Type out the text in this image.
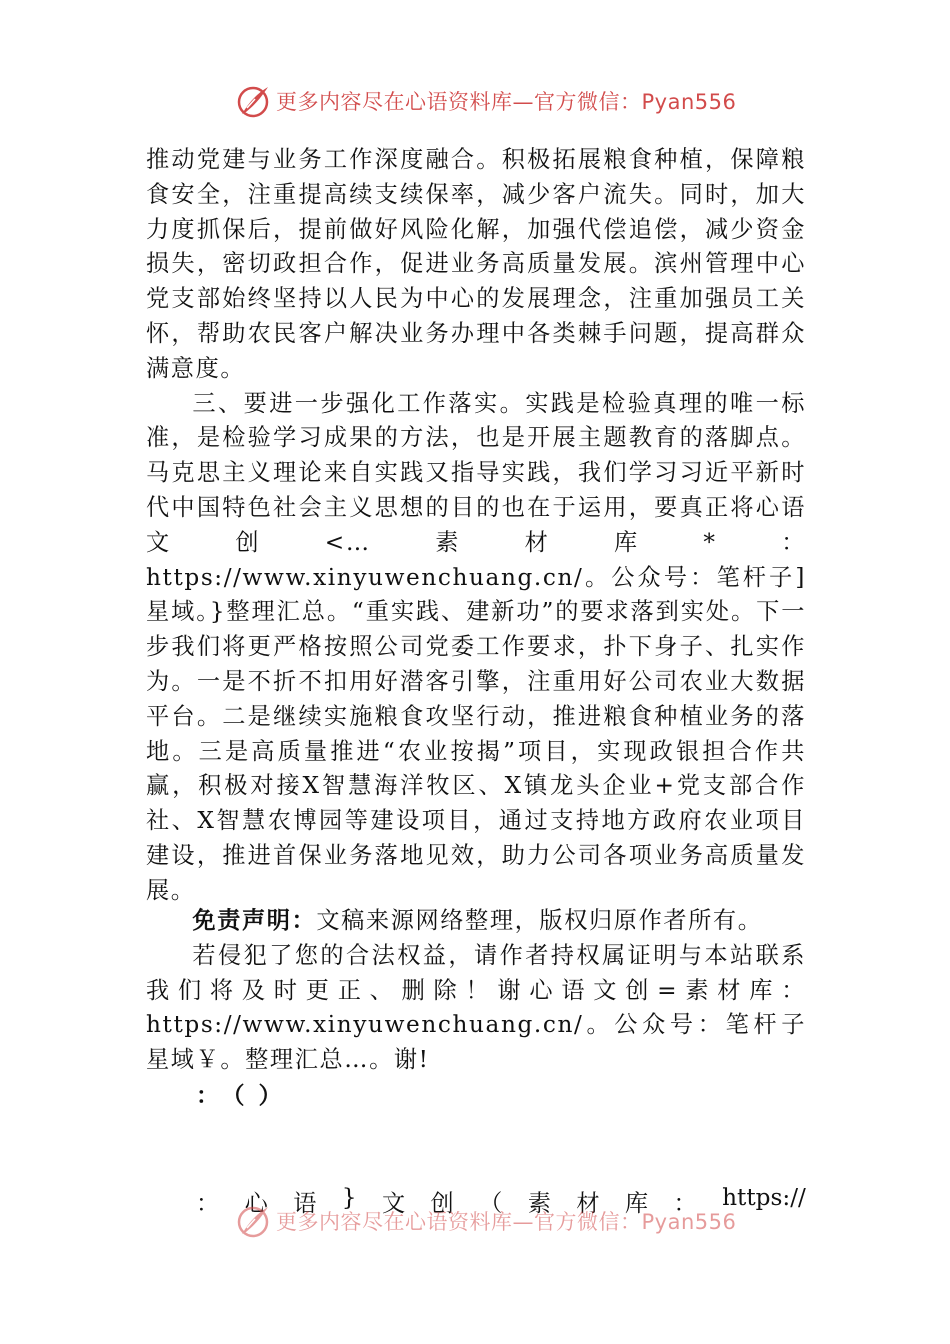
更多内容尽在心语资料库—官方微信：Pyan556

推动党建与业务工作深度融合。积极拓展粮食种植，保障粮食安全，注重提高续支续保率，减少客户流失。同时，加大力度抓保后，提前做好风险化解，加强代偿追偿，减少资金损失，密切政担合作，促进业务高质量发展。滨州管理中心党支部始终坚持以人民为中心的发展理念，注重加强员工关怀，帮助农民客户解决业务办理中各类棘手问题，提高群众满意度。

三、要进一步强化工作落实。实践是检验真理的唯一标准，是检验学习成果的方法，也是开展主题教育的落脚点。马克思主义理论来自实践又指导实践，我们学习习近平新时代中国特色社会主义思想的目的也在于运用，要真正将心语文创<…素材库*：https://www.xinyuwenchuang.cn/。公众号：笔杆子]星域。}整理汇总。“重实践、建新功”的要求落到实处。下一步我们将更严格按照公司党委工作要求，扑下身子、扎实作为。一是不折不扣用好潜客引擎，注重用好公司农业大数据平台。二是继续实施粮食攻坚行动，推进粮食种植业务的落地。三是高质量推进“农业按揭”项目，实现政银担合作共赢，积极对接X智慧海洋牧区、X镇龙头企业+党支部合作社、X智慧农博园等建设项目，通过支持地方政府农业项目建设，推进首保业务落地见效，助力公司各项业务高质量发展。

免责声明：文稿来源网络整理，版权归原作者所有。

若侵犯了您的合法权益，请作者持权属证明与本站联系我们将及时更正、删除！谢心语文创=素材库：https://www.xinyuwenchuang.cn/。公众号：笔杆子星域￥。整理汇总…。谢!

：（）
： 心 语 } 文 创 （ 素 材 库 ： https://
更多内容尽在心语资料库—官方微信：Pyan556
